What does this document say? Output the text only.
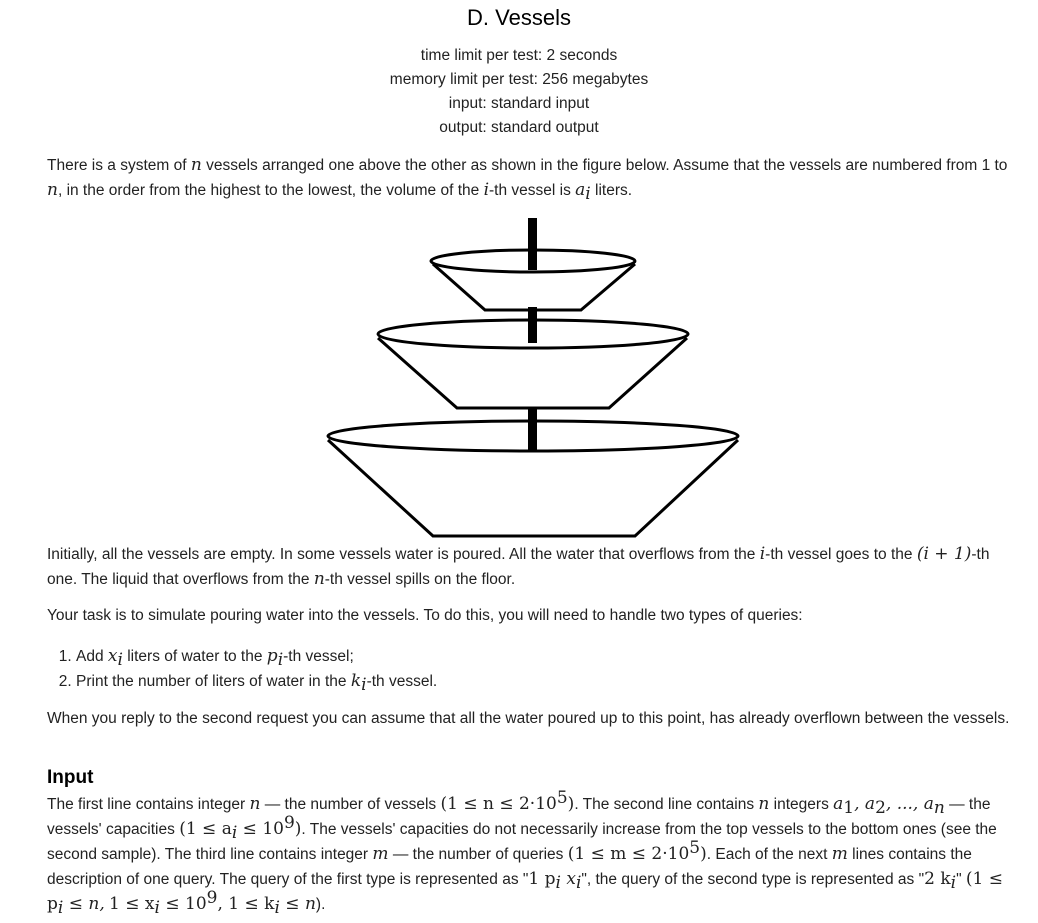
D. Vessels
time limit per test: 2 seconds
memory limit per test: 256 megabytes
input: standard input
output: standard output
There is a system of n vessels arranged one above the other as shown in the figure below. Assume that the vessels are numbered from 1 to n, in the order from the highest to the lowest, the volume of the i-th vessel is $a_i$ liters.
Initially, all the vessels are empty. In some vessels water is poured. All the water that overflows from the i-th vessel goes to the (i + 1)-th one. The liquid that overflows from the n-th vessel spills on the floor.
Your task is to simulate pouring water into the vessels. To do this, you will need to handle two types of queries:
1. Add $x_i$ liters of water to the $p_i-th$ vessel;
2. Print the number of liters of water in the $k_i-th$ vessel.
When you reply to the second request you can assume that all the water poured up to this point, has already overflown between the vessels.
Input
The first line contains integer n — the number of vessels $(1 \le n \le 2\cdot 10^5)$. The second line contains n integers $a_1$, $a_2$, ..., $a_n$ — the vessels' capacities $(1 \le a_i \le 10^9)$. The vessels' capacities do not necessarily increase from the top vessels to the bottom ones (see the second sample). The third line contains integer m — the number of queries $(1 \le m \le 2\cdot 10^5)$. Each of the next m lines contains the description of one query. The query of the first type is represented as "1 $p_i$ $x_i$", the query of the second type is represented as "2 $k_i$" ($1 \le p_i \le n$, $1 \le x_i \le 10^9$, $1 \le k_i \le n$).
